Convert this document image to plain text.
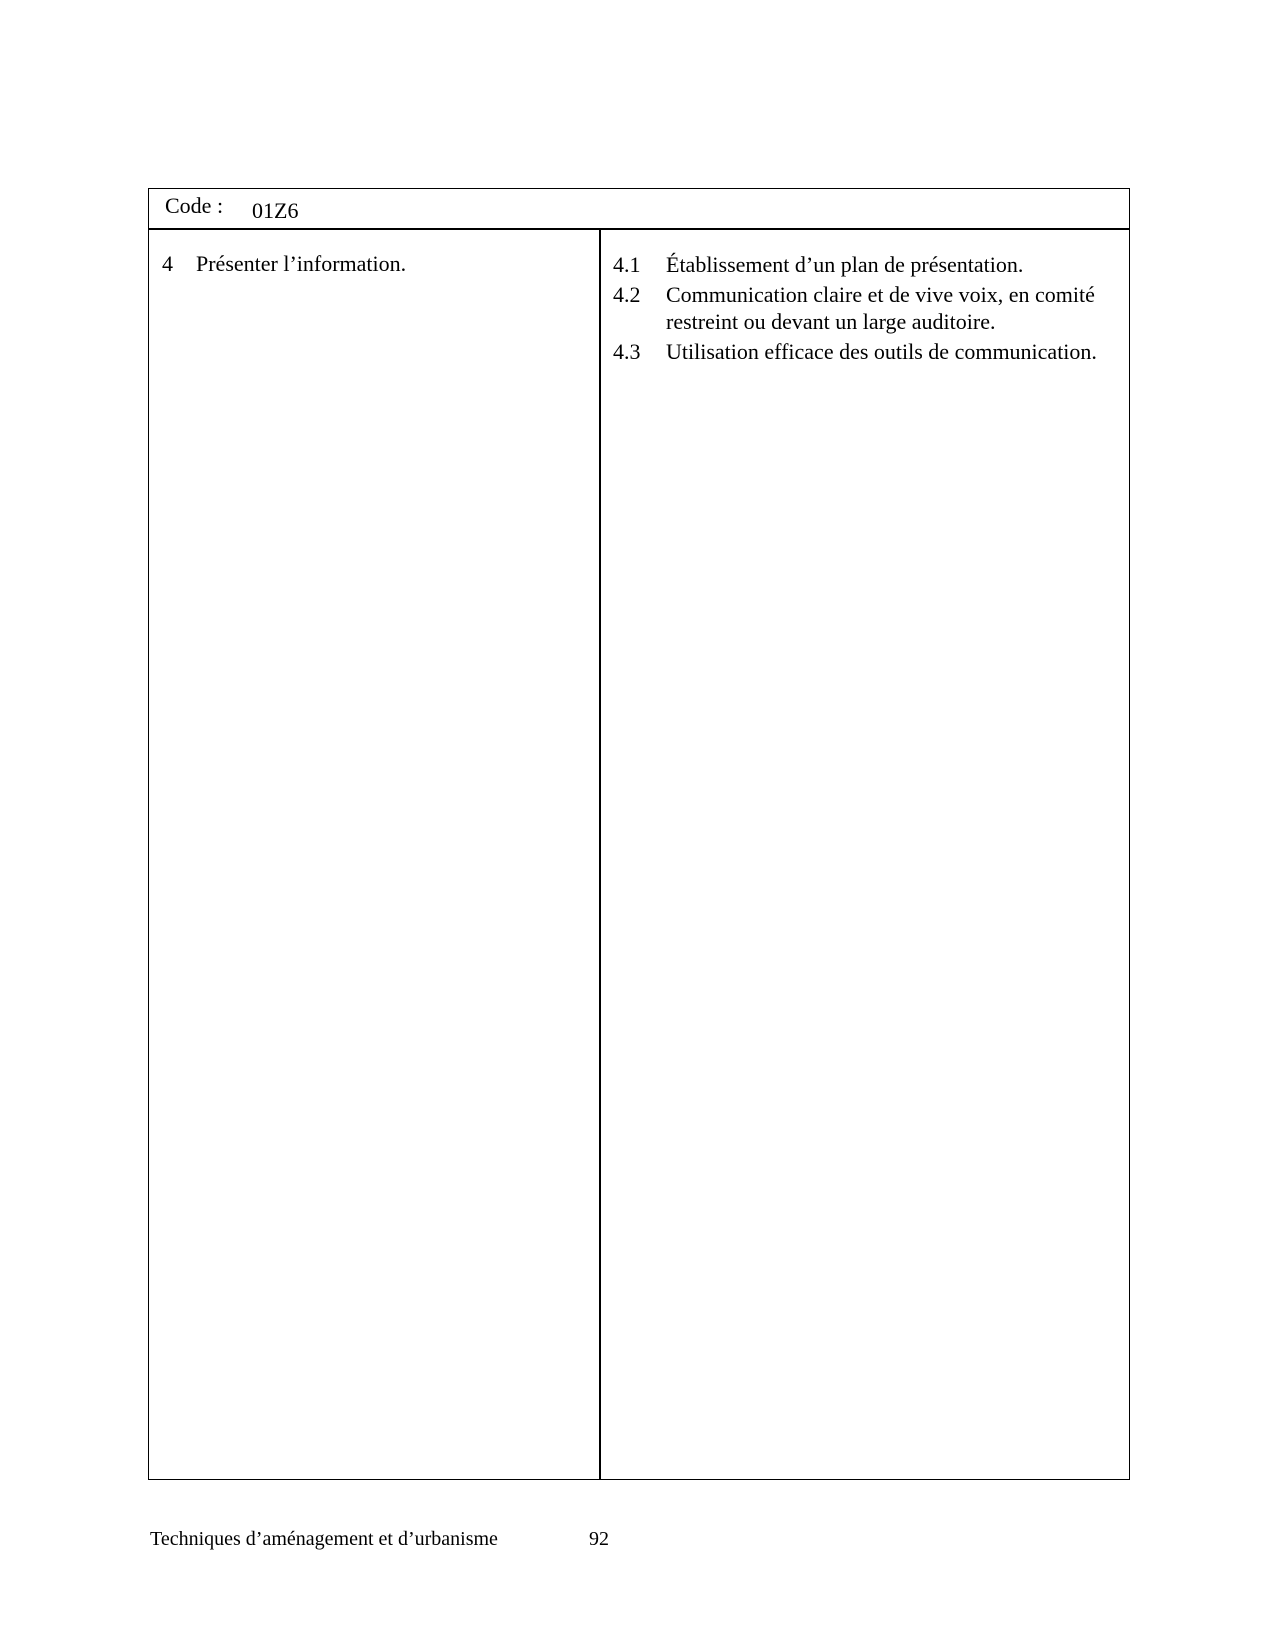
Code : 01Z6
4 Présenter l’information.	4.1	Établissement d’un plan de présentation.
4.2	Communication claire et de vive voix, en comité restreint ou devant un large auditoire.
4.3	Utilisation efficace des outils de communication.
Techniques d’aménagement et d’urbanisme	92
